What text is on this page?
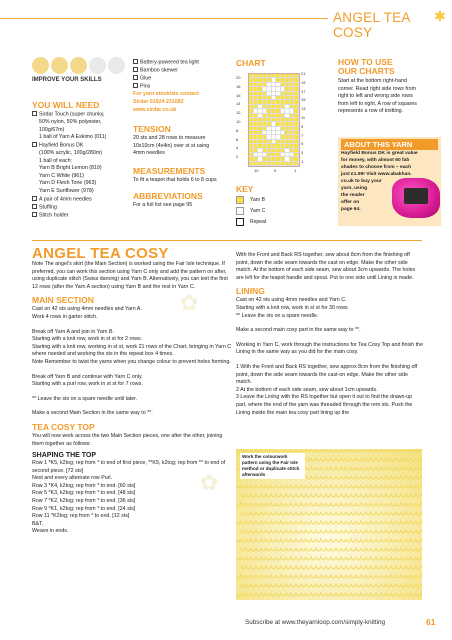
ANGEL TEA COSY
✱
IMPROVE YOUR SKILLS
YOU WILL NEED
Sirdar Touch (super chunky,
50% nylon, 50% polyester,
100g/67m)
1 ball of Yarn A Eskimo (011)
Hayfield Bonus DK
(100% acrylic, 100g/280m)
1 ball of each:
Yarn B Bright Lemon (819)
Yarn C White (961)
Yarn D Flesh Tone (963)
Yarn E Sunflower (978)
A pair of 4mm needles
Stuffing
Stitch holder
Battery-powered tea light
Bamboo skewer
Glue
Pins
For yarn stockists contact
Sirdar 01924 231682
www.sirdar.co.uk
TENSION
20 sts and 28 rows to measure
10x10cm (4x4in) over st st using
4mm needles
MEASUREMENTS
To fit a teapot that holds 6 to 8 cups
ABBREVIATIONS
For a full list see page 95
CHART
20
18
16
14
12
10
8
6
4
2
21
19
17
15
13
11
9
7
5
3
1
10	5	1
KEY
Yarn B
Yarn C
Repeat
HOW TO USE
OUR CHARTS
Start at the bottom right-hand
corner. Read right side rows from
right to left and wrong side rows
from left to right. A row of squares
represents a row of knitting.
ABOUT THIS YARN
Hayfield Bonus DK is great value
for money, with almost 60 fab
shades to choose from – each
just £1.99! Visit www.abakhan.
co.uk to buy your
yarn, using
the reader
offer on
page 64.
✿
✿
ANGEL TEA COSY
Note The angel's skirt (the Main Section) is worked using the Fair Isle technique. If preferred, you can work this section using Yarn C only and add the pattern on after, using duplicate stitch (Swiss darning) and Yarn B. Alternatively, you can knit the first 12 rows (after the Yarn A section) using Yarn B and the rest in Yarn C.
MAIN SECTION
Cast on 42 sts using 4mm needles and Yarn A.
Work 4 rows in garter stitch.
Break off Yarn A and join in Yarn B.
Starting with a knit row, work in st st for 2 rows.
Starting with a knit row, working in st st, work 21 rows of the Chart, bringing in Yarn C where needed and working the sts in the repeat box 4 times.
Note Remember to twist the yarns when you change colour to prevent holes forming.
Break off Yarn B and continue with Yarn C only.
Starting with a purl row, work in st st for 7 rows.
** Leave the sts on a spare needle until later.
Make a second Main Section in the same way to **.
TEA COSY TOP
You will now work across the two Main Section pieces, one after the other, joining them together as follows:
SHAPING THE TOP
Row 1 *K5, k2tog; rep from * to end of first piece, **K5, k2tog; rep from ** to end of second piece. [72 sts]
Next and every alternate row Purl.
Row 3 *K4, k2tog; rep from * to end. [60 sts]
Row 5 *K3, k2tog; rep from * to end. [48 sts]
Row 7 *K2, k2tog; rep from * to end. [36 sts]
Row 9 *K1, k2tog; rep from * to end. [24 sts]
Row 11 *K2tog; rep from * to end. [12 sts]
B&T.
Weave in ends.
With the Front and Back RS together, sew about 8cm from the finishing off point, down the side seam towards the cast on edge. Make the other side match. At the bottom of each side seam, sew about 3cm upwards. The holes are left for the teapot handle and spout. Put to one side until Lining is made.
LINING
Cast on 42 sts using 4mm needles and Yarn C.
Starting with a knit row, work in st st for 30 rows.
** Leave the sts on a spare needle.
Make a second main cosy part in the same way to **.
Working in Yarn C, work through the instructions for Tea Cosy Top and finish the Lining in the same way as you did for the main cosy.
1 With the Front and Back RS together, sew approx 8cm from the finishing off point, down the side seam towards the cast-on edge. Make the other side match.
2 At the bottom of each side seam, sew about 1cm upwards.
3 Leave the Lining with the RS together but open it out to find the drawn-up part, where the end of the yarn was threaded through the rem sts. Push the Lining inside the main tea cosy part lining up the
Work the colourwork pattern using the Fair Isle method or duplicate stitch afterwards
Subscribe at www.theyarnloop.com/simply-knitting	61
